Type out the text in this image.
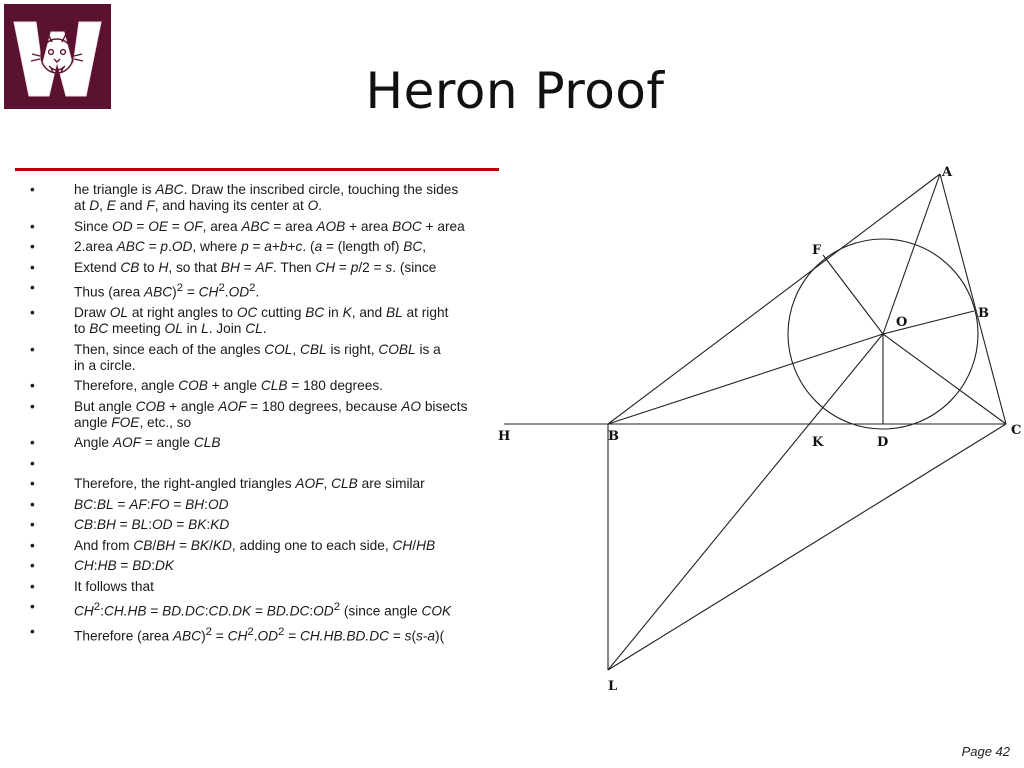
Heron Proof
• he triangle is ABC. Draw the inscribed circle, touching the sides
at D, E and F, and having its center at O.
• Since OD = OE = OF, area ABC = area AOB + area BOC + area
• 2.area ABC = p.OD, where p = a+b+c. (a = (length of) BC,
• Extend CB to H, so that BH = AF. Then CH = p/2 = s. (since
• Thus (area $ABC)^2 = CH^2.OD^2$.
• Draw OL at right angles to OC cutting BC in K, and BL at right
to BC meeting OL in L. Join CL.
• Then, since each of the angles COL, CBL is right, COBL is a
in a circle.
• Therefore, angle COB + angle CLB = 180 degrees.
• But angle COB + angle AOF = 180 degrees, because AO bisects
angle FOE, etc., so
• Angle AOF = angle CLB
•
• Therefore, the right-angled triangles AOF, CLB are similar
• BC:BL = AF:FO = BH:OD
• CB:BH = BL:OD = BK:KD
• And from CB/BH = BK/KD, adding one to each side, CH/HB
• CH:HB = BD:DK
• It follows that
• $CH^2:CH.HB$ = BD.DC:CD.DK = $BD.DC:OD^2$ (since angle COK
• Therefore (area $ABC)^2 = CH^2.OD^2 = CH.HB.BD.DC = s(s-a)$(
A
F
O
B
H	B	K	D
C
L
Page 42
